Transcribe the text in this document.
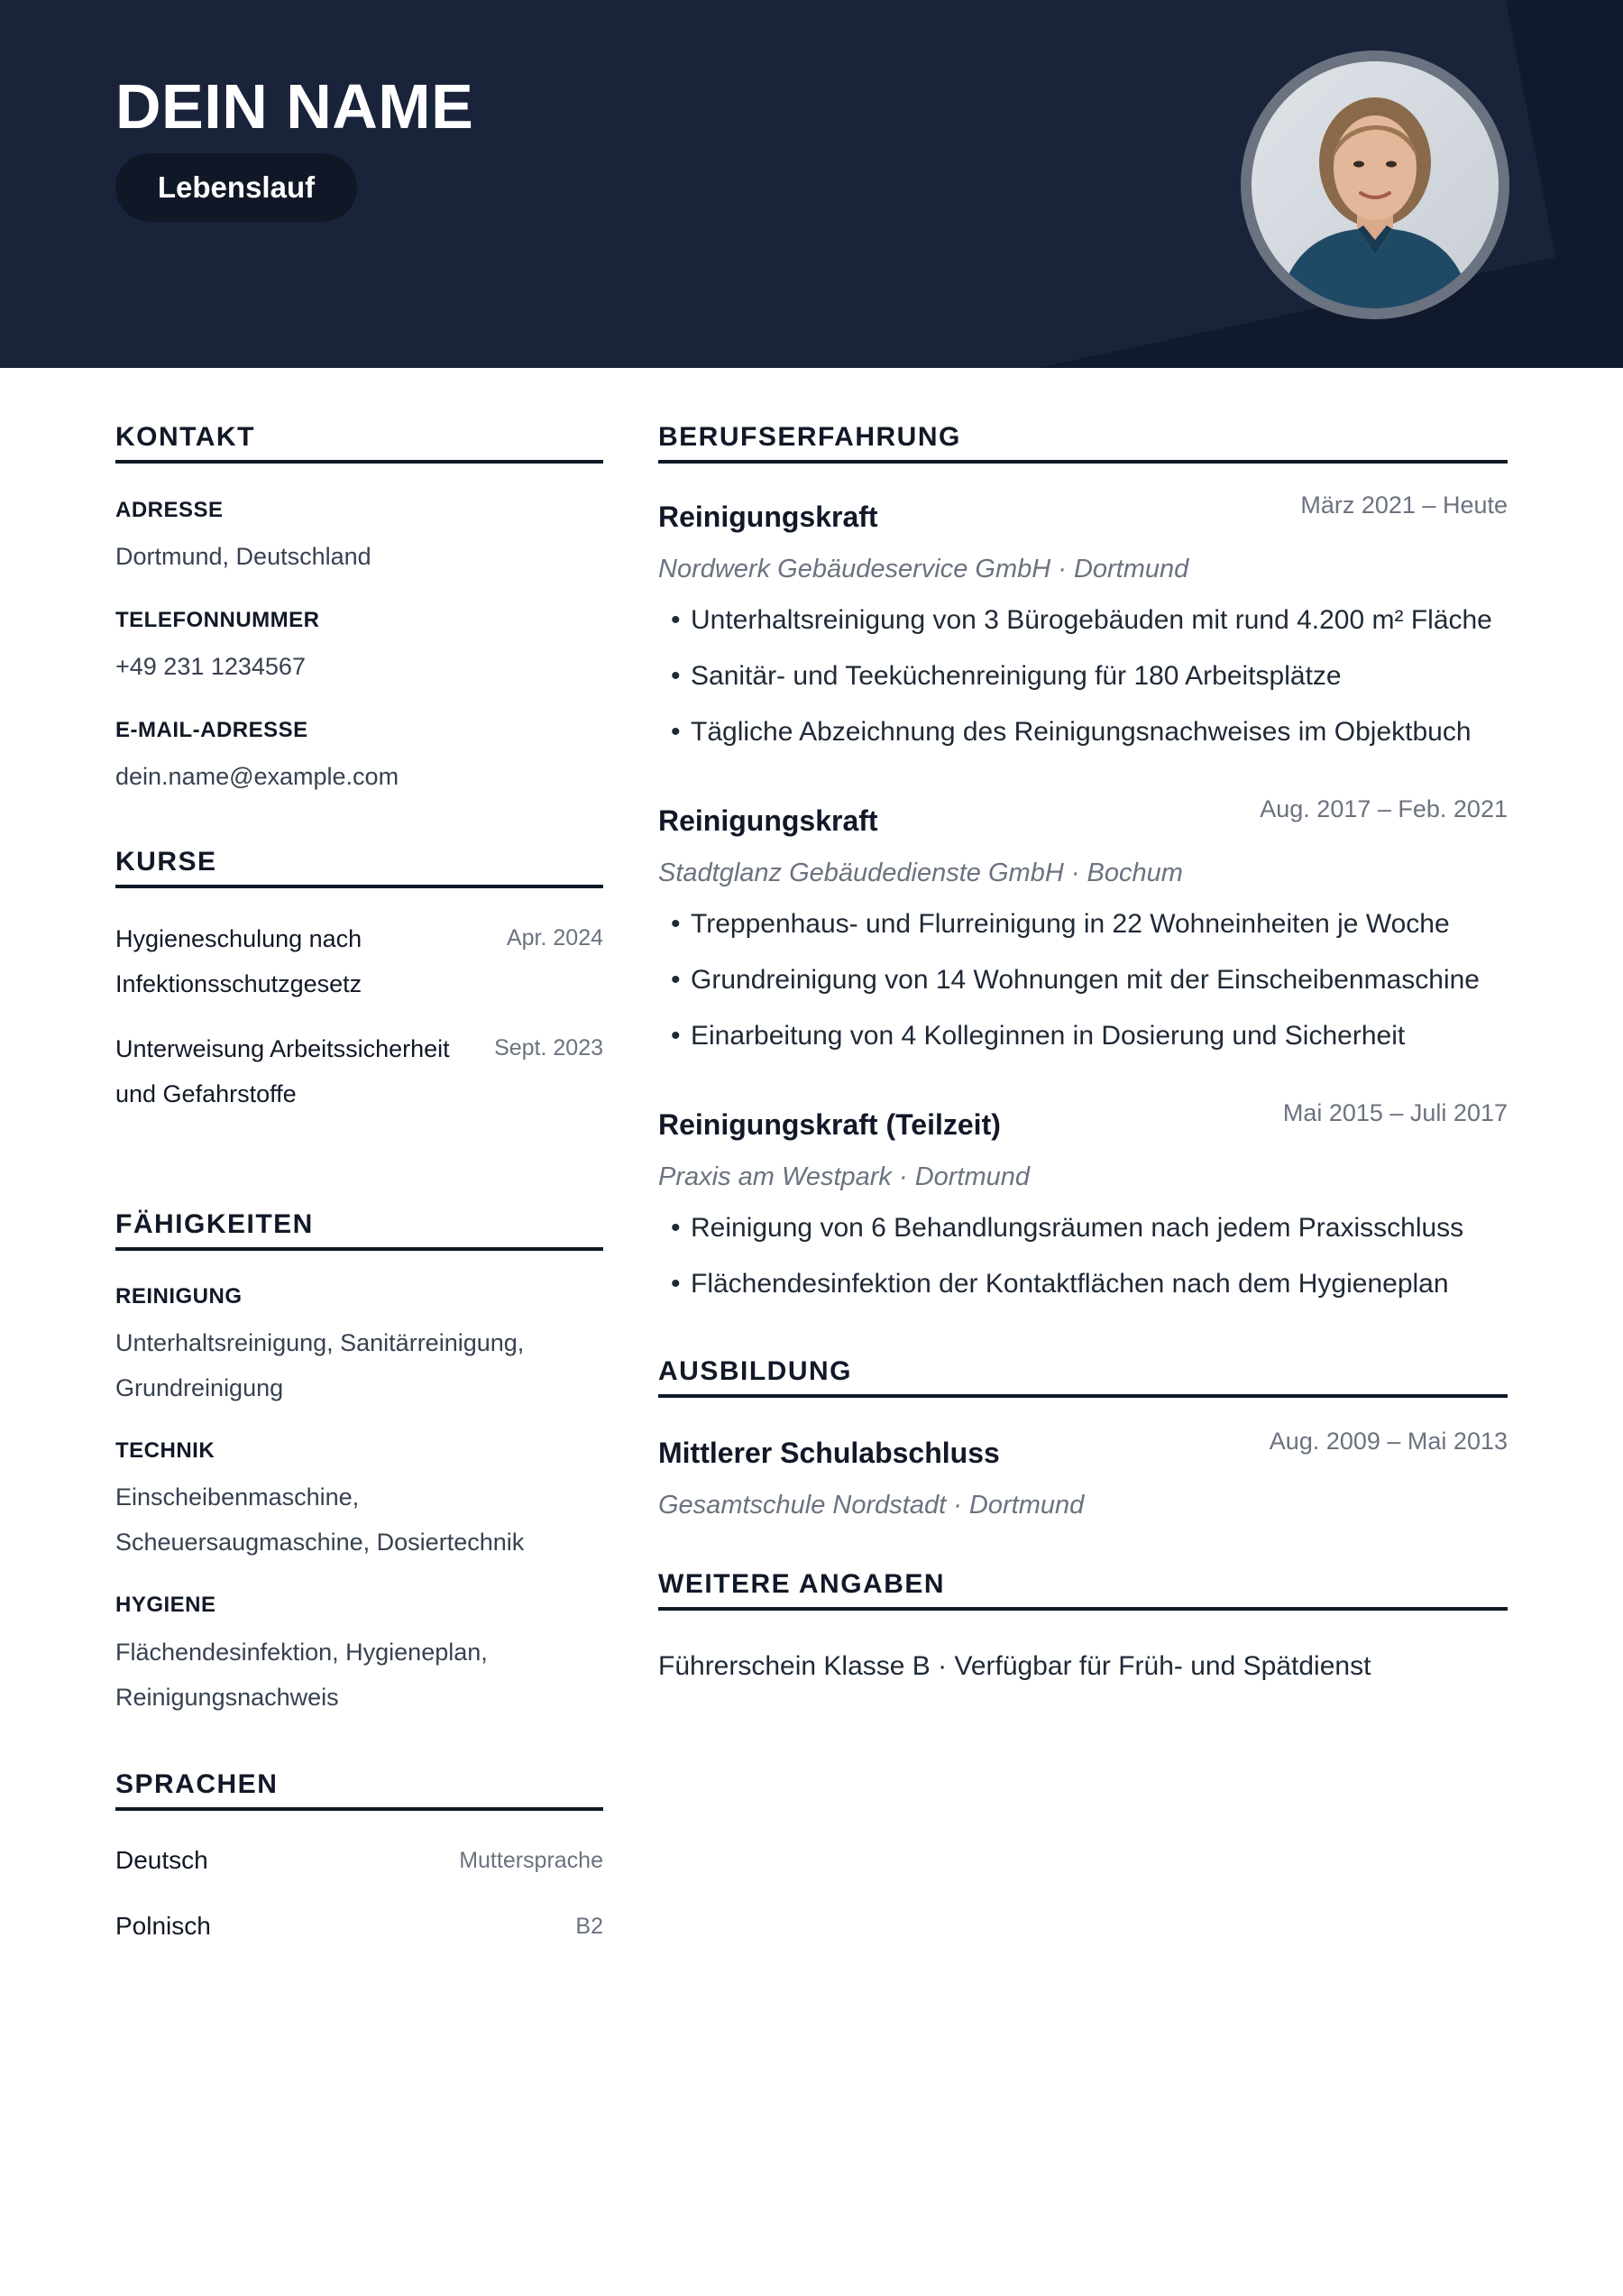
DEIN NAME
Lebenslauf
KONTAKT
ADRESSE
Dortmund, Deutschland
TELEFONNUMMER
+49 231 1234567
E-MAIL-ADRESSE
dein.name@example.com
KURSE
Hygieneschulung nach Infektionsschutzgesetz
Apr. 2024
Unterweisung Arbeitssicherheit und Gefahrstoffe
Sept. 2023
FÄHIGKEITEN
REINIGUNG
Unterhaltsreinigung, Sanitärreinigung, Grundreinigung
TECHNIK
Einscheibenmaschine, Scheuersaugmaschine, Dosiertechnik
HYGIENE
Flächendesinfektion, Hygieneplan, Reinigungsnachweis
SPRACHEN
Deutsch	Muttersprache
Polnisch	B2
BERUFSERFAHRUNG
Reinigungskraft	März 2021 – Heute
Nordwerk Gebäudeservice GmbH · Dortmund
• Unterhaltsreinigung von 3 Bürogebäuden mit rund 4.200 m² Fläche
• Sanitär- und Teeküchenreinigung für 180 Arbeitsplätze
• Tägliche Abzeichnung des Reinigungsnachweises im Objektbuch
Reinigungskraft	Aug. 2017 – Feb. 2021
Stadtglanz Gebäudedienste GmbH · Bochum
• Treppenhaus- und Flurreinigung in 22 Wohneinheiten je Woche
• Grundreinigung von 14 Wohnungen mit der Einscheibenmaschine
• Einarbeitung von 4 Kolleginnen in Dosierung und Sicherheit
Reinigungskraft (Teilzeit)	Mai 2015 – Juli 2017
Praxis am Westpark · Dortmund
• Reinigung von 6 Behandlungsräumen nach jedem Praxisschluss
• Flächendesinfektion der Kontaktflächen nach dem Hygieneplan
AUSBILDUNG
Mittlerer Schulabschluss	Aug. 2009 – Mai 2013
Gesamtschule Nordstadt · Dortmund
WEITERE ANGABEN
Führerschein Klasse B · Verfügbar für Früh- und Spätdienst
